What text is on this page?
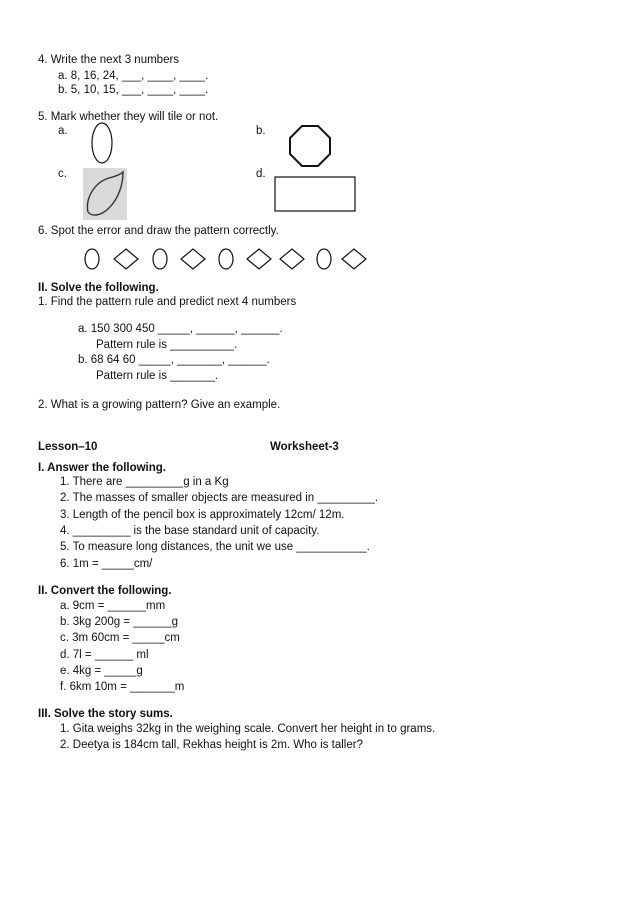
4. Write the next 3 numbers
a. 8, 16, 24, ___, ____, ____.
b. 5, 10, 15, ___, ____, ____.
5. Mark whether they will tile or not.
a.	b.
c.	d.
6. Spot the error and draw the pattern correctly.
II. Solve the following.
1. Find the pattern rule and predict next 4 numbers
a. 150 300 450 _____, ______, ______.
Pattern rule is __________.
b. 68 64 60 _____, _______, ______.
Pattern rule is _______.
2. What is a growing pattern? Give an example.
Lesson–10	Worksheet-3
I. Answer the following.
1. There are _________g in a Kg
2. The masses of smaller objects are measured in _________.
3. Length of the pencil box is approximately 12cm/ 12m.
4. _________ is the base standard unit of capacity.
5. To measure long distances, the unit we use ___________.
6. 1m = _____cm/
II. Convert the following.
a. 9cm = ______mm
b. 3kg 200g = ______g
c. 3m 60cm = _____cm
d. 7l = ______ ml
e. 4kg = _____g
f. 6km 10m = _______m
III. Solve the story sums.
1. Gita weighs 32kg in the weighing scale. Convert her height in to grams.
2. Deetya is 184cm tall, Rekhas height is 2m. Who is taller?
